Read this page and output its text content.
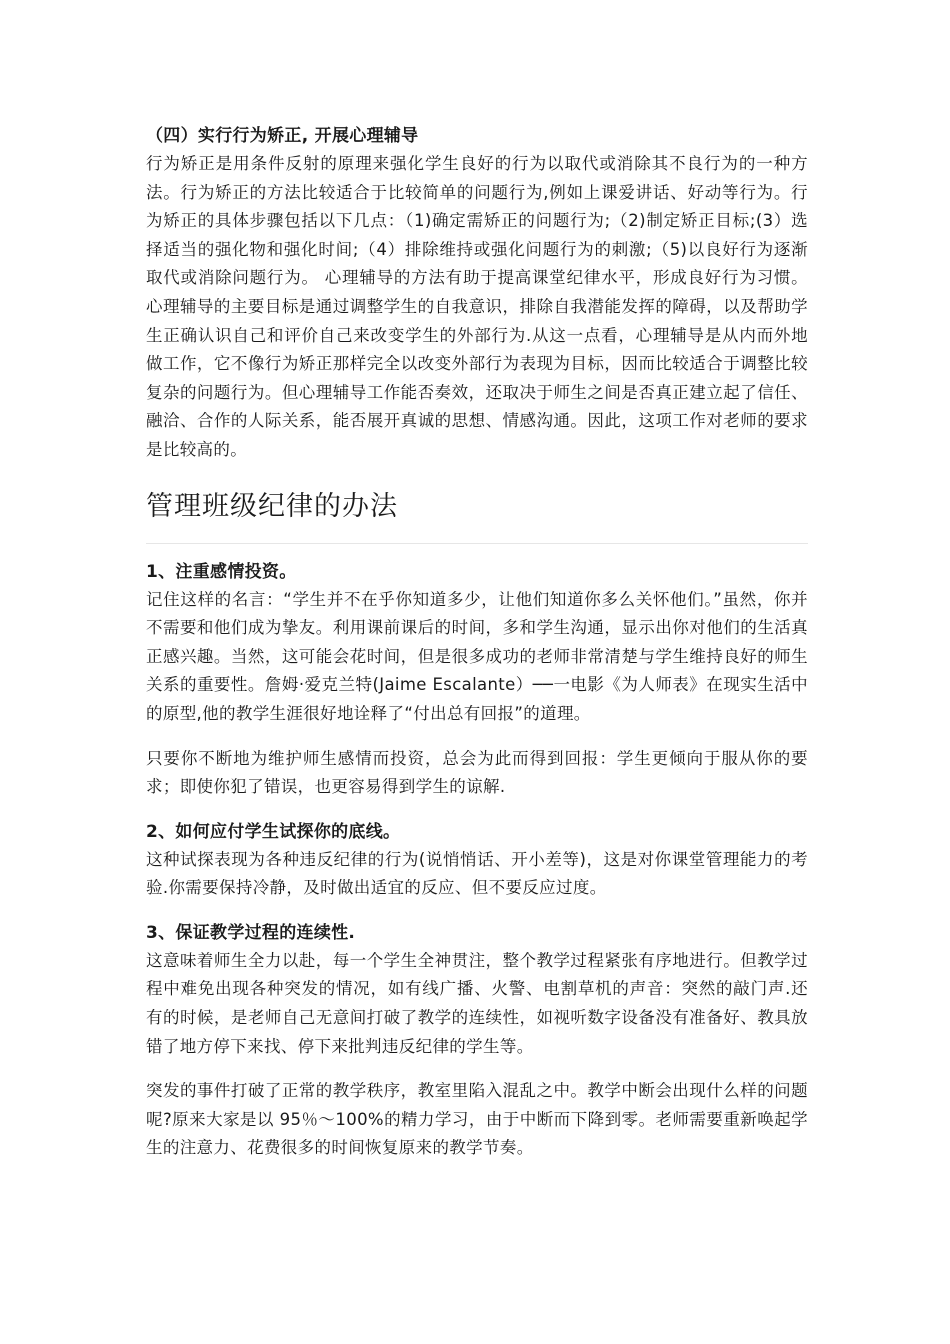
（四）实行行为矫正, 开展心理辅导

行为矫正是用条件反射的原理来强化学生良好的行为以取代或消除其不良行为的一种方法。行为矫正的方法比较适合于比较简单的问题行为,例如上课爱讲话、好动等行为。行为矫正的具体步骤包括以下几点：（1)确定需矫正的问题行为;（2)制定矫正目标;(3）选择适当的强化物和强化时间;（4）排除维持或强化问题行为的刺激;（5)以良好行为逐渐取代或消除问题行为。 心理辅导的方法有助于提高课堂纪律水平，形成良好行为习惯。心理辅导的主要目标是通过调整学生的自我意识，排除自我潜能发挥的障碍，以及帮助学生正确认识自己和评价自己来改变学生的外部行为.从这一点看，心理辅导是从内而外地做工作，它不像行为矫正那样完全以改变外部行为表现为目标，因而比较适合于调整比较复杂的问题行为。但心理辅导工作能否奏效，还取决于师生之间是否真正建立起了信任、融洽、合作的人际关系，能否展开真诚的思想、情感沟通。因此，这项工作对老师的要求是比较高的。

管理班级纪律的办法

1、注重感情投资。

记住这样的名言：“学生并不在乎你知道多少，让他们知道你多么关怀他们。”虽然，你并不需要和他们成为挚友。利用课前课后的时间，多和学生沟通，显示出你对他们的生活真正感兴趣。当然，这可能会花时间，但是很多成功的老师非常清楚与学生维持良好的师生关系的重要性。詹姆·爱克兰特(Jaime Escalante）──一电影《为人师表》在现实生活中的原型,他的教学生涯很好地诠释了“付出总有回报”的道理。

只要你不断地为维护师生感情而投资，总会为此而得到回报：学生更倾向于服从你的要求；即使你犯了错误，也更容易得到学生的谅解.

2、如何应付学生试探你的底线。

这种试探表现为各种违反纪律的行为(说悄悄话、开小差等)，这是对你课堂管理能力的考验.你需要保持冷静，及时做出适宜的反应、但不要反应过度。

3、保证教学过程的连续性.

这意味着师生全力以赴，每一个学生全神贯注，整个教学过程紧张有序地进行。但教学过程中难免出现各种突发的情况，如有线广播、火警、电割草机的声音：突然的敲门声.还有的时候，是老师自己无意间打破了教学的连续性，如视听数字设备没有准备好、教具放错了地方停下来找、停下来批判违反纪律的学生等。

突发的事件打破了正常的教学秩序，教室里陷入混乱之中。教学中断会出现什么样的问题呢?原来大家是以 95％～100%的精力学习，由于中断而下降到零。老师需要重新唤起学生的注意力、花费很多的时间恢复原来的教学节奏。
